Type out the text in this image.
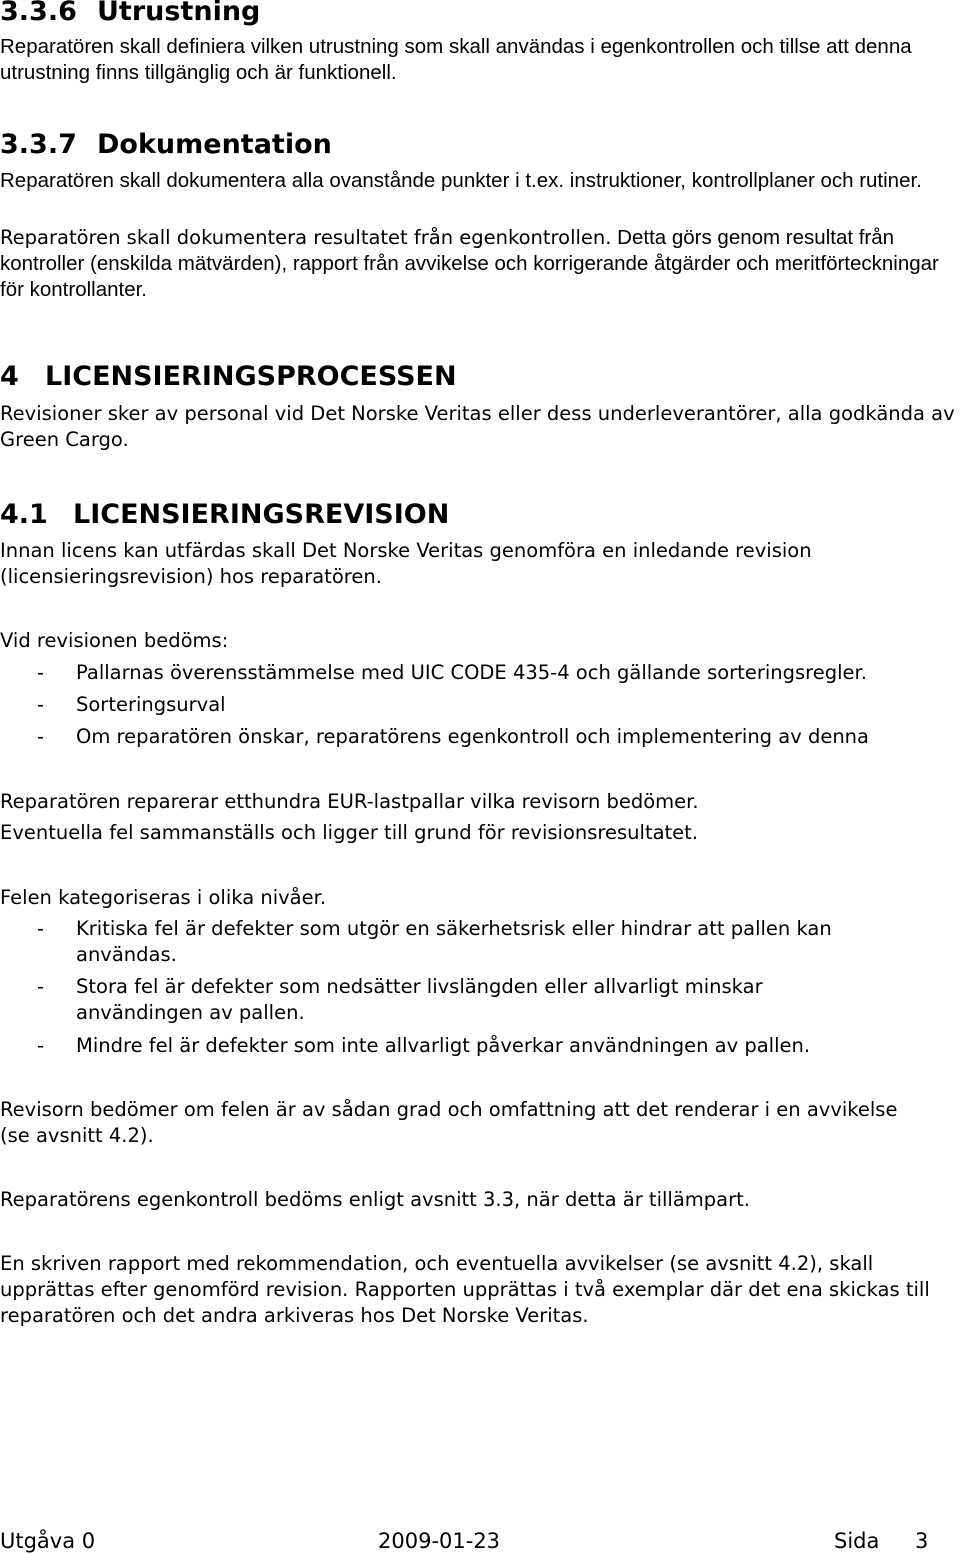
3.3.6 Utrustning

Reparatören skall definiera vilken utrustning som skall användas i egenkontrollen och tillse att denna utrustning finns tillgänglig och är funktionell.

3.3.7 Dokumentation

Reparatören skall dokumentera alla ovanstånde punkter i t.ex. instruktioner, kontrollplaner och rutiner.

Reparatören skall dokumentera resultatet från egenkontrollen. Detta görs genom resultat från kontroller (enskilda mätvärden), rapport från avvikelse och korrigerande åtgärder och meritförteckningar för kontrollanter.

4 LICENSIERINGSPROCESSEN

Revisioner sker av personal vid Det Norske Veritas eller dess underleverantörer, alla godkända av Green Cargo.

4.1 LICENSIERINGSREVISION

Innan licens kan utfärdas skall Det Norske Veritas genomföra en inledande revision (licensieringsrevision) hos reparatören.

Vid revisionen bedöms:

- Pallarnas överensstämmelse med UIC CODE 435-4 och gällande sorteringsregler.
- Sorteringsurval
- Om reparatören önskar, reparatörens egenkontroll och implementering av denna

Reparatören reparerar etthundra EUR-lastpallar vilka revisorn bedömer.

Eventuella fel sammanställs och ligger till grund för revisionsresultatet.

Felen kategoriseras i olika nivåer.

- Kritiska fel är defekter som utgör en säkerhetsrisk eller hindrar att pallen kan användas.
- Stora fel är defekter som nedsätter livslängden eller allvarligt minskar användingen av pallen.
- Mindre fel är defekter som inte allvarligt påverkar användningen av pallen.

Revisorn bedömer om felen är av sådan grad och omfattning att det renderar i en avvikelse (se avsnitt 4.2).

Reparatörens egenkontroll bedöms enligt avsnitt 3.3, när detta är tillämpart.

En skriven rapport med rekommendation, och eventuella avvikelser (se avsnitt 4.2), skall upprättas efter genomförd revision. Rapporten upprättas i två exemplar där det ena skickas till reparatören och det andra arkiveras hos Det Norske Veritas.

Utgåva 0	2009-01-23	Sida 3
